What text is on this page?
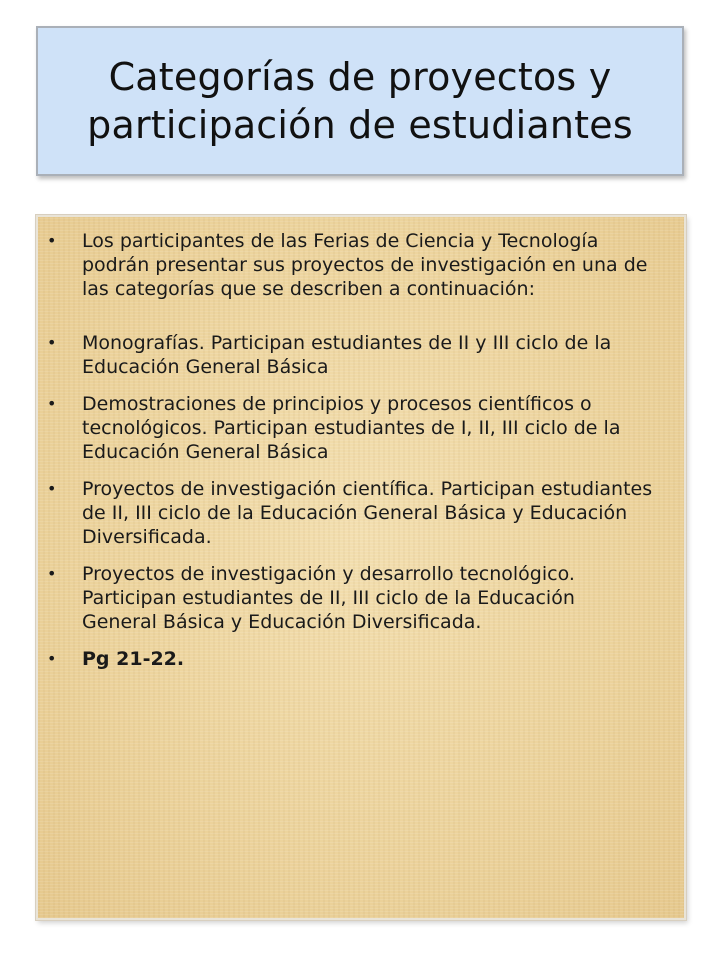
Categorías de proyectos y participación de estudiantes
• Los participantes de las Ferias de Ciencia y Tecnología podrán presentar sus proyectos de investigación en una de las categorías que se describen a continuación:
• Monografías. Participan estudiantes de II y III ciclo de la Educación General Básica
• Demostraciones de principios y procesos científicos o tecnológicos. Participan estudiantes de I, II, III ciclo de la Educación General Básica
• Proyectos de investigación científica. Participan estudiantes de II, III ciclo de la Educación General Básica y Educación Diversificada.
• Proyectos de investigación y desarrollo tecnológico. Participan estudiantes de II, III ciclo de la Educación General Básica y Educación Diversificada.
• Pg 21-22.
